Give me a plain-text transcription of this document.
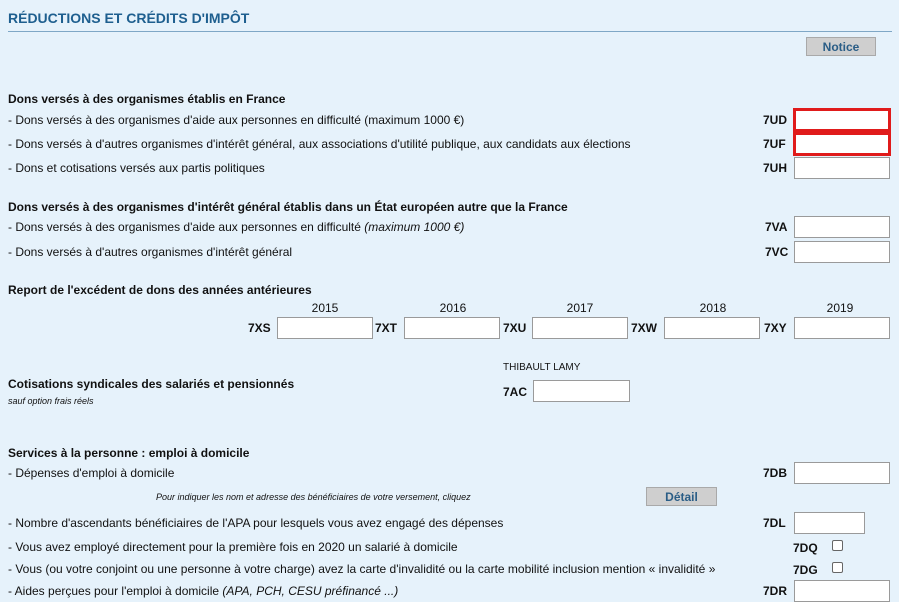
RÉDUCTIONS ET CRÉDITS D'IMPÔT
Notice
Dons versés à des organismes établis en France
- Dons versés à des organismes d'aide aux personnes en difficulté (maximum 1000 €)	7UD
- Dons versés à d'autres organismes d'intérêt général, aux associations d'utilité publique, aux candidats aux élections	7UF
- Dons et cotisations versés aux partis politiques	7UH
Dons versés à des organismes d'intérêt général établis dans un État européen autre que la France
- Dons versés à des organismes d'aide aux personnes en difficulté (maximum 1000 €)	7VA
- Dons versés à d'autres organismes d'intérêt général	7VC
Report de l'excédent de dons des années antérieures
2015	2016	2017	2018	2019
7XS	7XT	7XU	7XW	7XY
THIBAULT LAMY
Cotisations syndicales des salariés et pensionnés
sauf option frais réels
7AC
Services à la personne : emploi à domicile
- Dépenses d'emploi à domicile	7DB
Pour indiquer les nom et adresse des bénéficiaires de votre versement, cliquez	Détail
- Nombre d'ascendants bénéficiaires de l'APA pour lesquels vous avez engagé des dépenses	7DL
- Vous avez employé directement pour la première fois en 2020 un salarié à domicile	7DQ
- Vous (ou votre conjoint ou une personne à votre charge) avez la carte d'invalidité ou la carte mobilité inclusion mention « invalidité »	7DG
- Aides perçues pour l'emploi à domicile (APA, PCH, CESU préfinancé ...)	7DR
